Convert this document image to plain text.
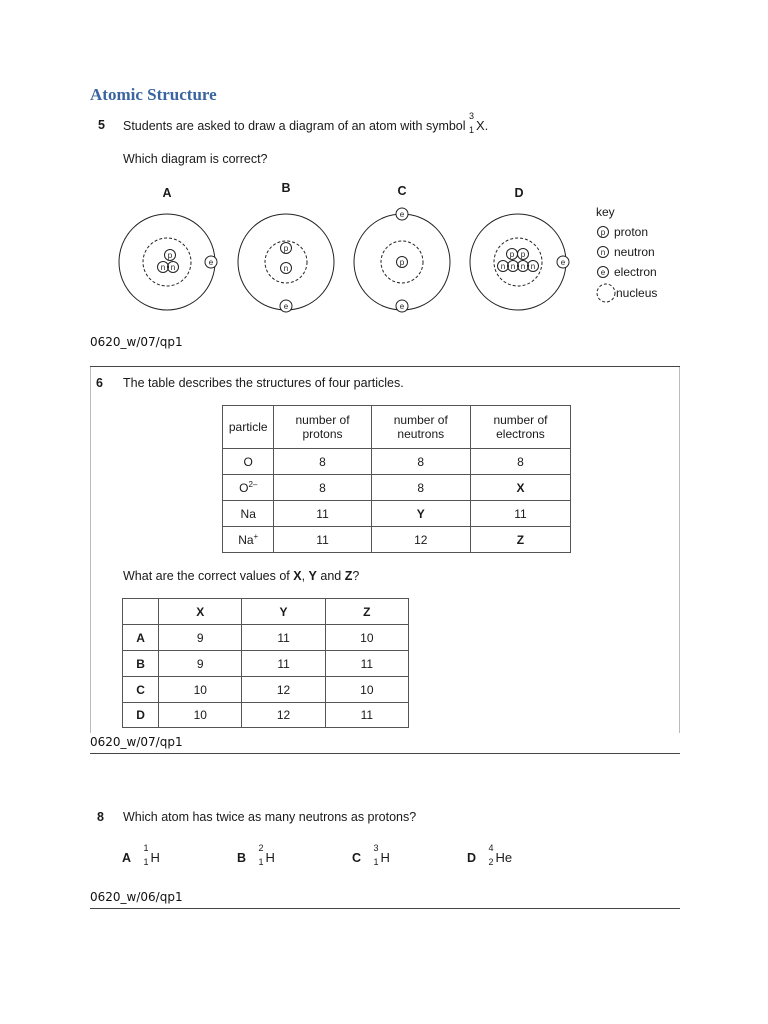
Atomic Structure
5 Students are asked to draw a diagram of an atom with symbol
3
1 X.
Which diagram is correct?
A	B	C	D
p
n n
e
p
n
e
p
e
e
p p
n n n n	e
key
p proton
n neutron
e electron
nucleus
0620_w/07/qp1
6 The table describes the structures of four particles.
particle	number of protons	number of neutrons	number of electrons
O	8	8	8
$O^{2-}$	8	8	X
Na	11	Y	11
Na+	11	12	Z
What are the correct values of X, Y and Z?
	X	Y	Z
A	9	11	10
B	9	11	11
C	10	12	10
D	10	12	11
0620_w/07/qp1
8 Which atom has twice as many neutrons as protons?
A
1
1 H	B
2
1 H	C
3
1 H	D
4
2 He
0620_w/06/qp1
